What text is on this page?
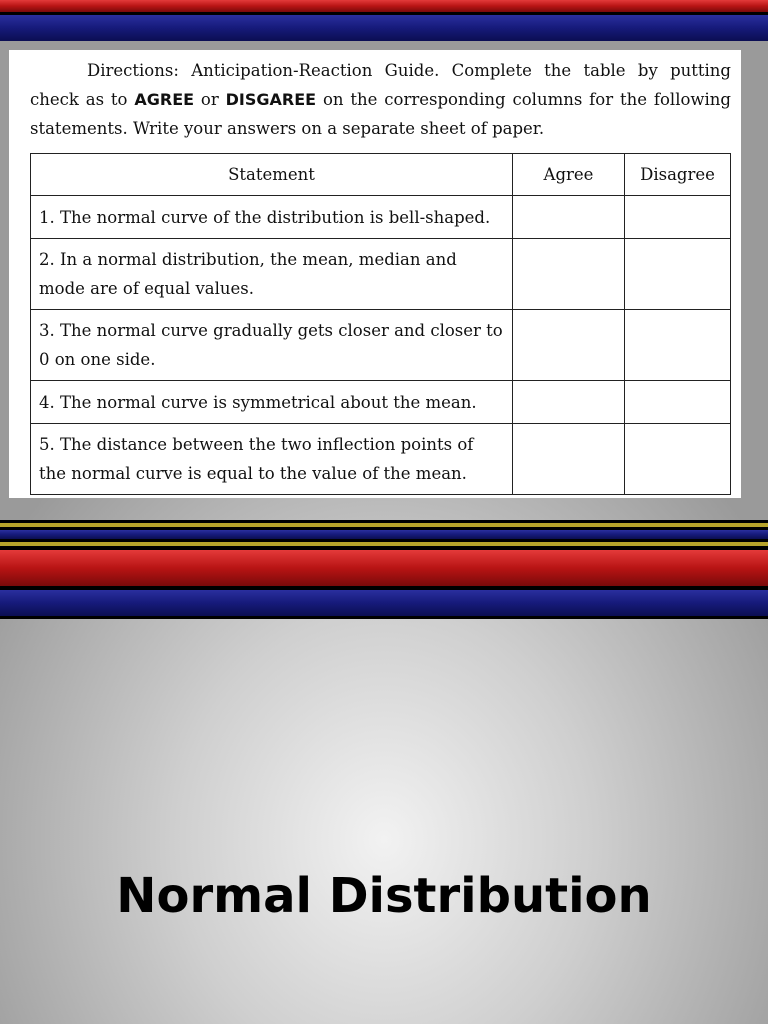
Directions: Anticipation-Reaction Guide. Complete the table by putting check as to AGREE or DISGAREE on the corresponding columns for the following statements. Write your answers on a separate sheet of paper.

Statement	Agree	Disagree
1. The normal curve of the distribution is bell-shaped.		
2. In a normal distribution, the mean, median and mode are of equal values.		
3. The normal curve gradually gets closer and closer to 0 on one side.		
4. The normal curve is symmetrical about the mean.		
5. The distance between the two inflection points of the normal curve is equal to the value of the mean.		
Normal Distribution
